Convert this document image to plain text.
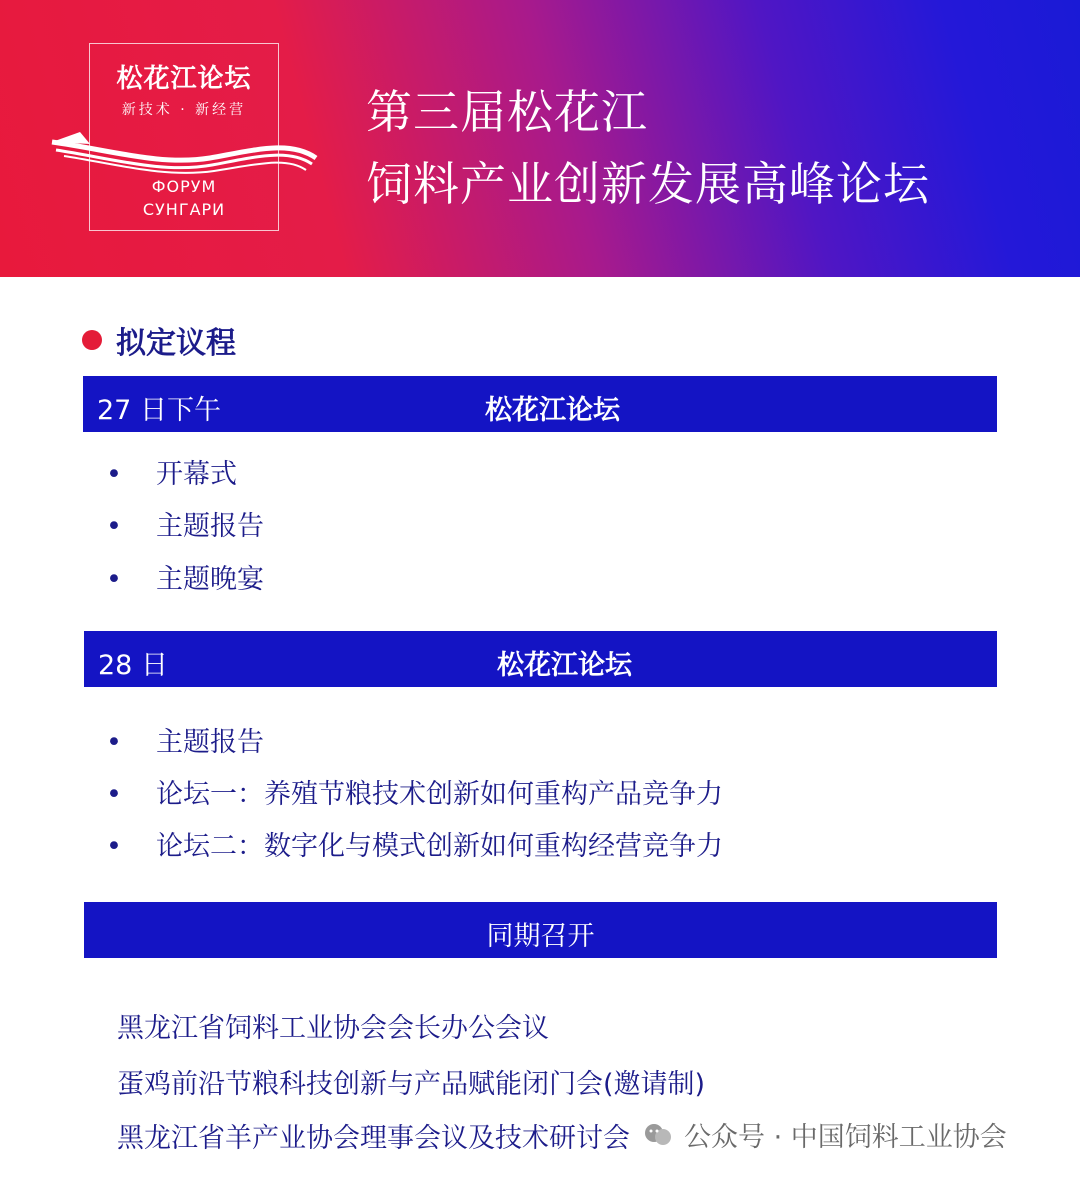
松花江论坛
新技术 · 新经营
ФОРУМ
СУНГАРИ
第三届松花江
饲料产业创新发展高峰论坛
拟定议程
27 日下午	松花江论坛
• 开幕式
• 主题报告
• 主题晚宴
28 日	松花江论坛
• 主题报告
• 论坛一：养殖节粮技术创新如何重构产品竞争力
• 论坛二：数字化与模式创新如何重构经营竞争力
同期召开
黑龙江省饲料工业协会会长办公会议
蛋鸡前沿节粮科技创新与产品赋能闭门会(邀请制)
黑龙江省羊产业协会理事会议及技术研讨会 公众号 · 中国饲料工业协会
